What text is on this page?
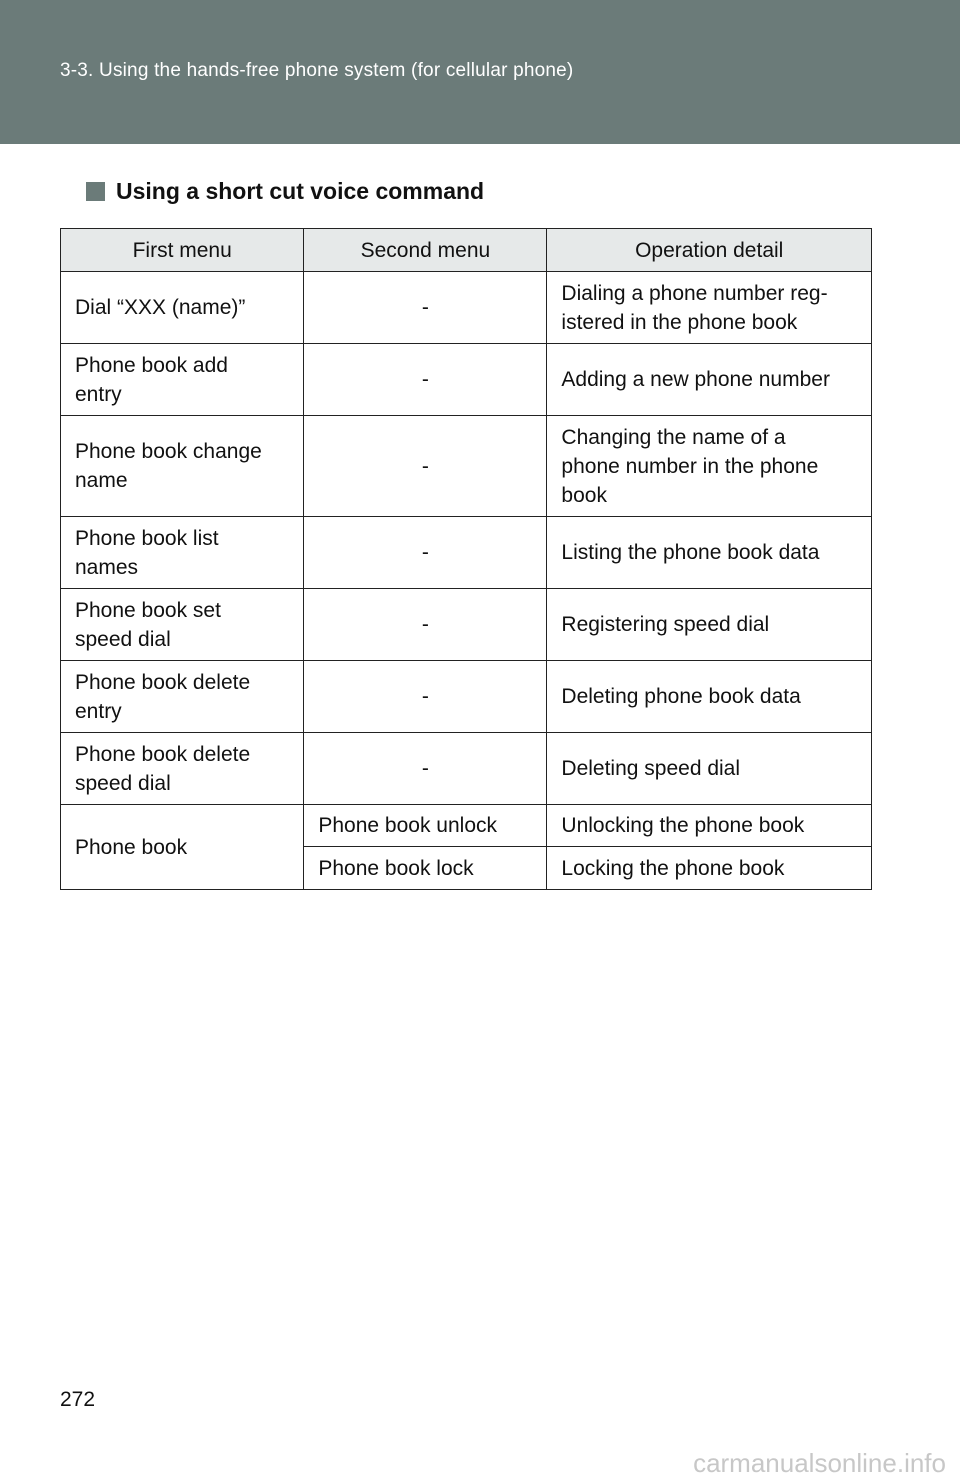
3-3. Using the hands-free phone system (for cellular phone)
Using a short cut voice command
First menu	Second menu	Operation detail
Dial “XXX (name)”	-	Dialing a phone number reg-
istered in the phone book
Phone book add
entry	-	Adding a new phone number
Phone book change
name	-	Changing the name of a
phone number in the phone
book
Phone book list
names	-	Listing the phone book data
Phone book set
speed dial	-	Registering speed dial
Phone book delete
entry	-	Deleting phone book data
Phone book delete
speed dial	-	Deleting speed dial
Phone book	Phone book unlock	Unlocking the phone book
	Phone book lock	Locking the phone book
272
carmanualsonline.info
